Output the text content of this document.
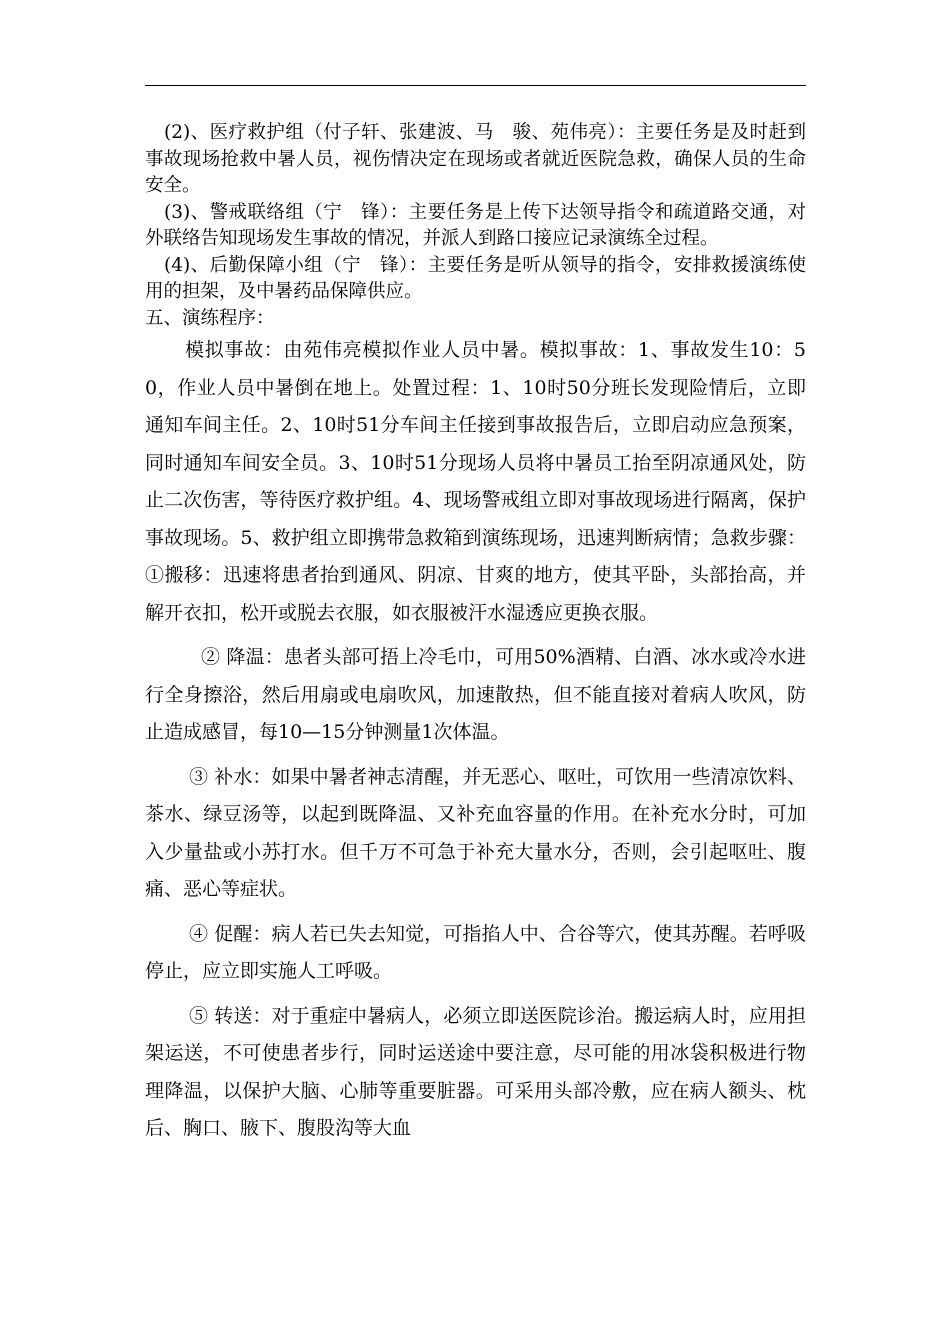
(2)、医疗救护组（付子轩、张建波、马　骏、苑伟亮）：主要任务是及时赶到事故现场抢救中暑人员，视伤情决定在现场或者就近医院急救，确保人员的生命安全。

(3)、警戒联络组（宁　锋）：主要任务是上传下达领导指令和疏道路交通，对外联络告知现场发生事故的情况，并派人到路口接应记录演练全过程。

(4)、后勤保障小组（宁　锋）：主要任务是听从领导的指令，安排救援演练使用的担架，及中暑药品保障供应。

五、演练程序：

模拟事故：由苑伟亮模拟作业人员中暑。模拟事故：1、事故发生10：50，作业人员中暑倒在地上。处置过程：1、10时50分班长发现险情后，立即通知车间主任。2、10时51分车间主任接到事故报告后，立即启动应急预案，同时通知车间安全员。3、10时51分现场人员将中暑员工抬至阴凉通风处，防止二次伤害，等待医疗救护组。4、现场警戒组立即对事故现场进行隔离，保护事故现场。5、救护组立即携带急救箱到演练现场，迅速判断病情；急救步骤：①搬移：迅速将患者抬到通风、阴凉、甘爽的地方，使其平卧，头部抬高，并解开衣扣，松开或脱去衣服，如衣服被汗水湿透应更换衣服。

② 降温：患者头部可捂上冷毛巾，可用50%酒精、白酒、冰水或冷水进行全身擦浴，然后用扇或电扇吹风，加速散热，但不能直接对着病人吹风，防止造成感冒，每10—15分钟测量1次体温。

③ 补水：如果中暑者神志清醒，并无恶心、呕吐，可饮用一些清凉饮料、茶水、绿豆汤等，以起到既降温、又补充血容量的作用。在补充水分时，可加入少量盐或小苏打水。但千万不可急于补充大量水分，否则，会引起呕吐、腹痛、恶心等症状。

④ 促醒：病人若已失去知觉，可指掐人中、合谷等穴，使其苏醒。若呼吸停止，应立即实施人工呼吸。

⑤ 转送：对于重症中暑病人，必须立即送医院诊治。搬运病人时，应用担架运送，不可使患者步行，同时运送途中要注意，尽可能的用冰袋积极进行物理降温，以保护大脑、心肺等重要脏器。可采用头部冷敷，应在病人额头、枕后、胸口、腋下、腹股沟等大血
